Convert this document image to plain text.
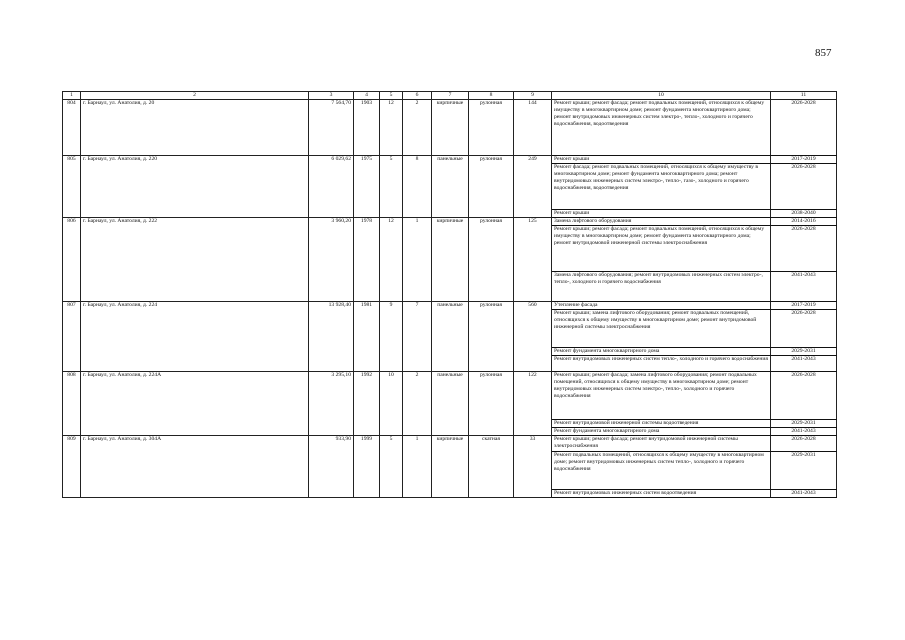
857
1	2	3	4	5	6	7	8	9	10	11
804	г. Барнаул, ул. Анатолия, д. 20	7 564,70	1903	12	2	кирпичные	рулонная	144	Ремонт крыши; ремонт фасада; ремонт подвальных помещений, относящихся к общему имуществу в многоквартирном доме; ремонт фундамента многоквартирного дома; ремонт внутридомовых инженерных систем электро-, тепло-, холодного и горячего водоснабжения, водоотведения	2026-2028
805	г. Барнаул, ул. Анатолия, д. 220	6 029,62	1975	5	8	панельные	рулонная	249	Ремонт крыши	2017-2019
									Ремонт фасада; ремонт подвальных помещений, относящихся к общему имуществу в многоквартирном доме; ремонт фундамента многоквартирного дома; ремонт внутридомовых инженерных систем электро-, тепло-, газо-, холодного и горячего водоснабжения, водоотведения	2026-2028
									Ремонт крыши	2038-2040
806	г. Барнаул, ул. Анатолия, д. 222	3 960,20	1978	12	1	кирпичные	рулонная	125	Замена лифтового оборудования	2014-2016
									Ремонт крыши; ремонт фасада; ремонт подвальных помещений, относящихся к общему имуществу в многоквартирном доме; ремонт фундамента многоквартирного дома; ремонт внутридомовой инженерной системы электроснабжения	2026-2028
									Замена лифтового оборудования; ремонт внутридомовых инженерных систем электро-, тепло-, холодного и горячего водоснабжения	2041-2043
807	г. Барнаул, ул. Анатолия, д. 224	13 928,40	1981	9	7	панельные	рулонная	560	Утепление фасада	2017-2019
									Ремонт крыши; замена лифтового оборудования; ремонт подвальных помещений, относящихся к общему имуществу в многоквартирном доме; ремонт внутридомовой инженерной системы электроснабжения	2026-2028
									Ремонт фундамента многоквартирного дома	2029-2031
									Ремонт внутридомовых инженерных систем тепло-, холодного и горячего водоснабжения	2041-2043
808	г. Барнаул, ул. Анатолия, д. 224А	3 295,10	1992	10	2	панельные	рулонная	122	Ремонт крыши; ремонт фасада; замена лифтового оборудования; ремонт подвальных помещений, относящихся к общему имуществу в многоквартирном доме; ремонт внутридомовых инженерных систем электро-, тепло-, холодного и горячего водоснабжения	2026-2028
									Ремонт внутридомовой инженерной системы водоотведения	2029-2031
									Ремонт фундамента многоквартирного дома	2041-2043
809	г. Барнаул, ул. Анатолия, д. 304А	933,90	1999	5	1	кирпичные	скатная	33	Ремонт крыши; ремонт фасада; ремонт внутридомовой инженерной системы электроснабжения	2026-2028
									Ремонт подвальных помещений, относящихся к общему имуществу в многоквартирном доме; ремонт внутридомовых инженерных систем тепло-, холодного и горячего водоснабжения	2029-2031
									Ремонт внутридомовых инженерных систем водоотведения	2041-2043
